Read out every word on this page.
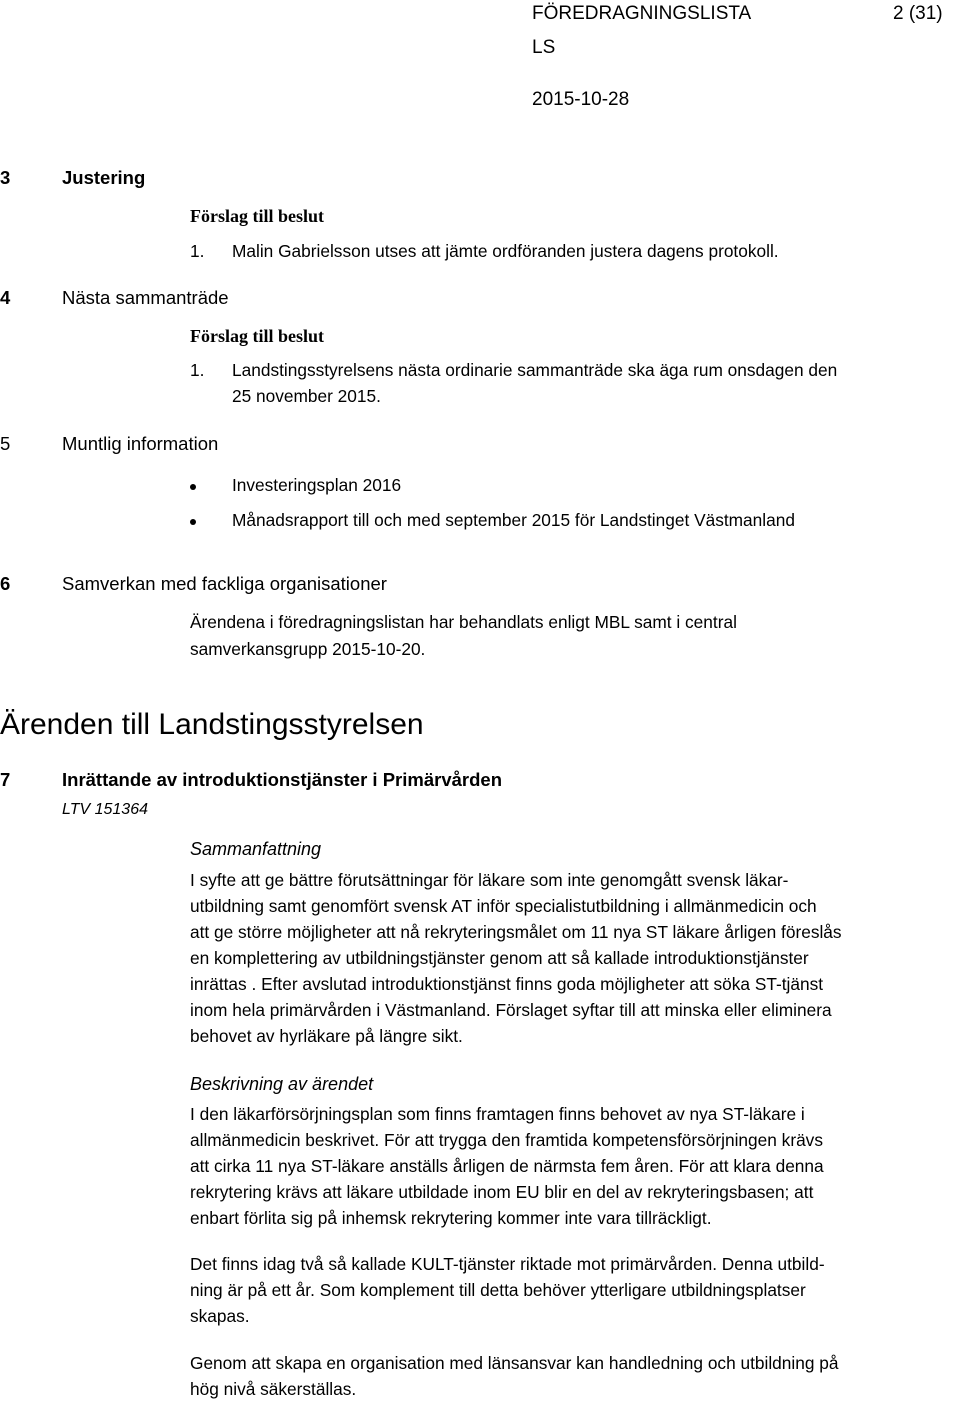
FÖREDRAGNINGSLISTA	2 (31)
LS
2015-10-28
3	Justering
Förslag till beslut
1. Malin Gabrielsson utses att jämte ordföranden justera dagens protokoll.
4	Nästa sammanträde
Förslag till beslut
1. Landstingsstyrelsens nästa ordinarie sammanträde ska äga rum onsdagen den
25 november 2015.
5	Muntlig information
Investeringsplan 2016
Månadsrapport till och med september 2015 för Landstinget Västmanland
6	Samverkan med fackliga organisationer
Ärendena i föredragningslistan har behandlats enligt MBL samt i central
samverkansgrupp 2015-10-20.
Ärenden till Landstingsstyrelsen
7	Inrättande av introduktionstjänster i Primärvården
LTV 151364
Sammanfattning

I syfte att ge bättre förutsättningar för läkare som inte genomgått svensk läkar-

utbildning samt genomfört svensk AT inför specialistutbildning i allmänmedicin och

att ge större möjligheter att nå rekryteringsmålet om 11 nya ST läkare årligen föreslås

en komplettering av utbildningstjänster genom att så kallade introduktionstjänster

inrättas . Efter avslutad introduktionstjänst finns goda möjligheter att söka ST-tjänst

inom hela primärvården i Västmanland. Förslaget syftar till att minska eller eliminera

behovet av hyrläkare på längre sikt.

Beskrivning av ärendet

I den läkarförsörjningsplan som finns framtagen finns behovet av nya ST-läkare i

allmänmedicin beskrivet. För att trygga den framtida kompetensförsörjningen krävs

att cirka 11 nya ST-läkare anställs årligen de närmsta fem åren. För att klara denna

rekrytering krävs att läkare utbildade inom EU blir en del av rekryteringsbasen; att

enbart förlita sig på inhemsk rekrytering kommer inte vara tillräckligt.

Det finns idag två så kallade KULT-tjänster riktade mot primärvården. Denna utbild-

ning är på ett år. Som komplement till detta behöver ytterligare utbildningsplatser

skapas.

Genom att skapa en organisation med länsansvar kan handledning och utbildning på

hög nivå säkerställas.
